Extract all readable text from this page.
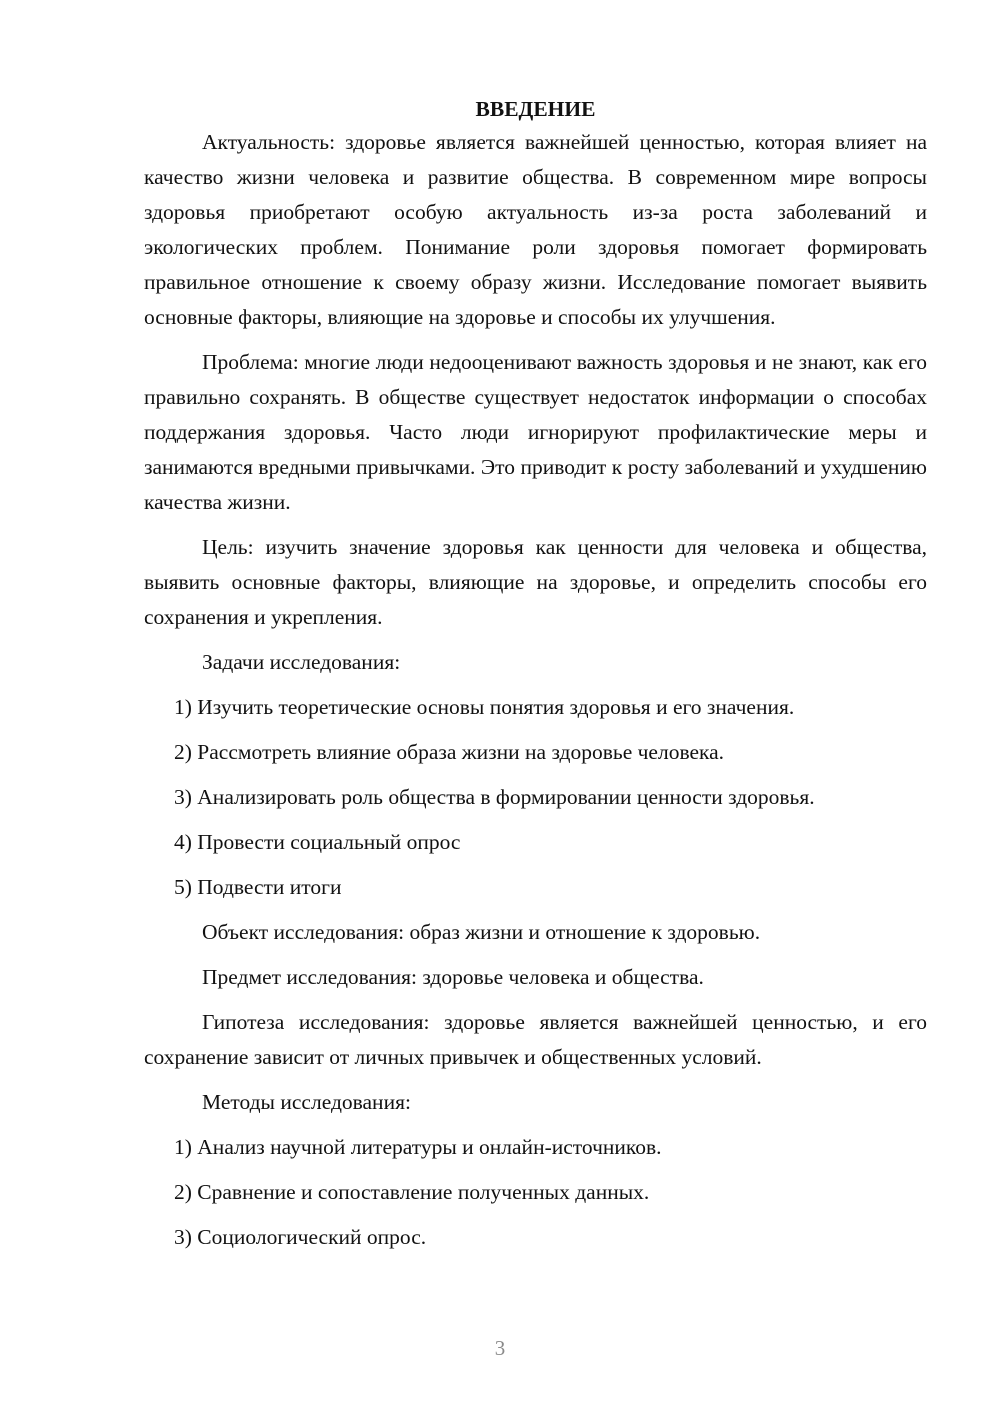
ВВЕДЕНИЕ

Актуальность: здоровье является важнейшей ценностью, которая влияет на качество жизни человека и развитие общества. В современном мире вопросы здоровья приобретают особую актуальность из-за роста заболеваний и экологических проблем. Понимание роли здоровья помогает формировать правильное отношение к своему образу жизни. Исследование помогает выявить основные факторы, влияющие на здоровье и способы их улучшения.

Проблема: многие люди недооценивают важность здоровья и не знают, как его правильно сохранять. В обществе существует недостаток информации о способах поддержания здоровья. Часто люди игнорируют профилактические меры и занимаются вредными привычками. Это приводит к росту заболеваний и ухудшению качества жизни.

Цель: изучить значение здоровья как ценности для человека и общества, выявить основные факторы, влияющие на здоровье, и определить способы его сохранения и укрепления.

Задачи исследования:

1) Изучить теоретические основы понятия здоровья и его значения.

2) Рассмотреть влияние образа жизни на здоровье человека.

3) Анализировать роль общества в формировании ценности здоровья.

4) Провести социальный опрос

5) Подвести итоги

Объект исследования: образ жизни и отношение к здоровью.

Предмет исследования: здоровье человека и общества.

Гипотеза исследования: здоровье является важнейшей ценностью, и его сохранение зависит от личных привычек и общественных условий.

Методы исследования:

1) Анализ научной литературы и онлайн-источников.

2) Сравнение и сопоставление полученных данных.

3) Социологический опрос.

3
